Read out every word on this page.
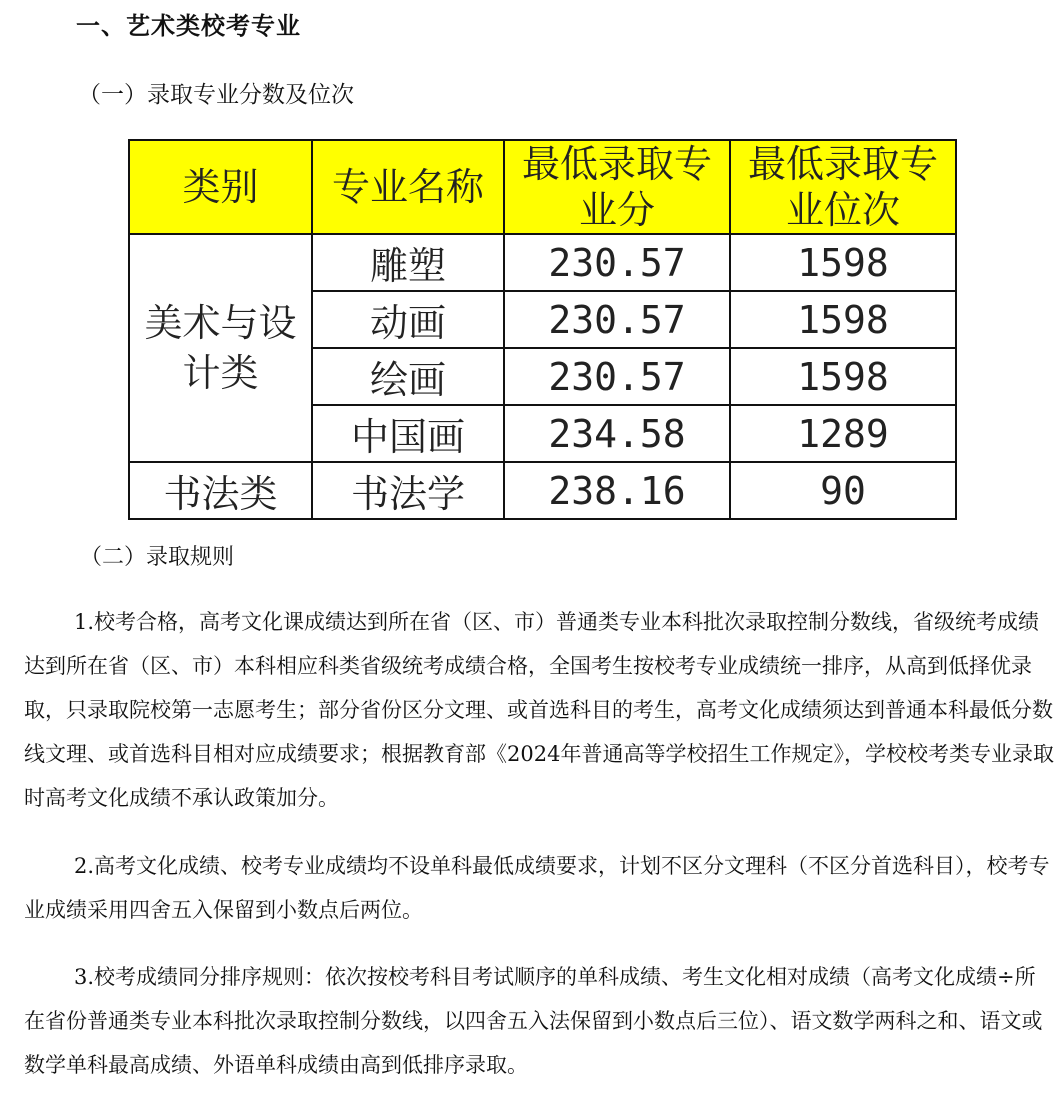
一、艺术类校考专业
（一）录取专业分数及位次
类别	专业名称	最低录取专业分	最低录取专业位次
美术与设计类	雕塑	230.57	1598
	动画	230.57	1598
	绘画	230.57	1598
	中国画	234.58	1289
书法类	书法学	238.16	90
（二）录取规则

1.校考合格，高考文化课成绩达到所在省（区、市）普通类专业本科批次录取控制分数线，省级统考成绩达到所在省（区、市）本科相应科类省级统考成绩合格，全国考生按校考专业成绩统一排序，从高到低择优录取，只录取院校第一志愿考生；部分省份区分文理、或首选科目的考生，高考文化成绩须达到普通本科最低分数线文理、或首选科目相对应成绩要求；根据教育部《2024年普通高等学校招生工作规定》，学校校考类专业录取时高考文化成绩不承认政策加分。

2.高考文化成绩、校考专业成绩均不设单科最低成绩要求，计划不区分文理科（不区分首选科目），校考专业成绩采用四舍五入保留到小数点后两位。

3.校考成绩同分排序规则：依次按校考科目考试顺序的单科成绩、考生文化相对成绩（高考文化成绩÷所在省份普通类专业本科批次录取控制分数线，以四舍五入法保留到小数点后三位）、语文数学两科之和、语文或数学单科最高成绩、外语单科成绩由高到低排序录取。
